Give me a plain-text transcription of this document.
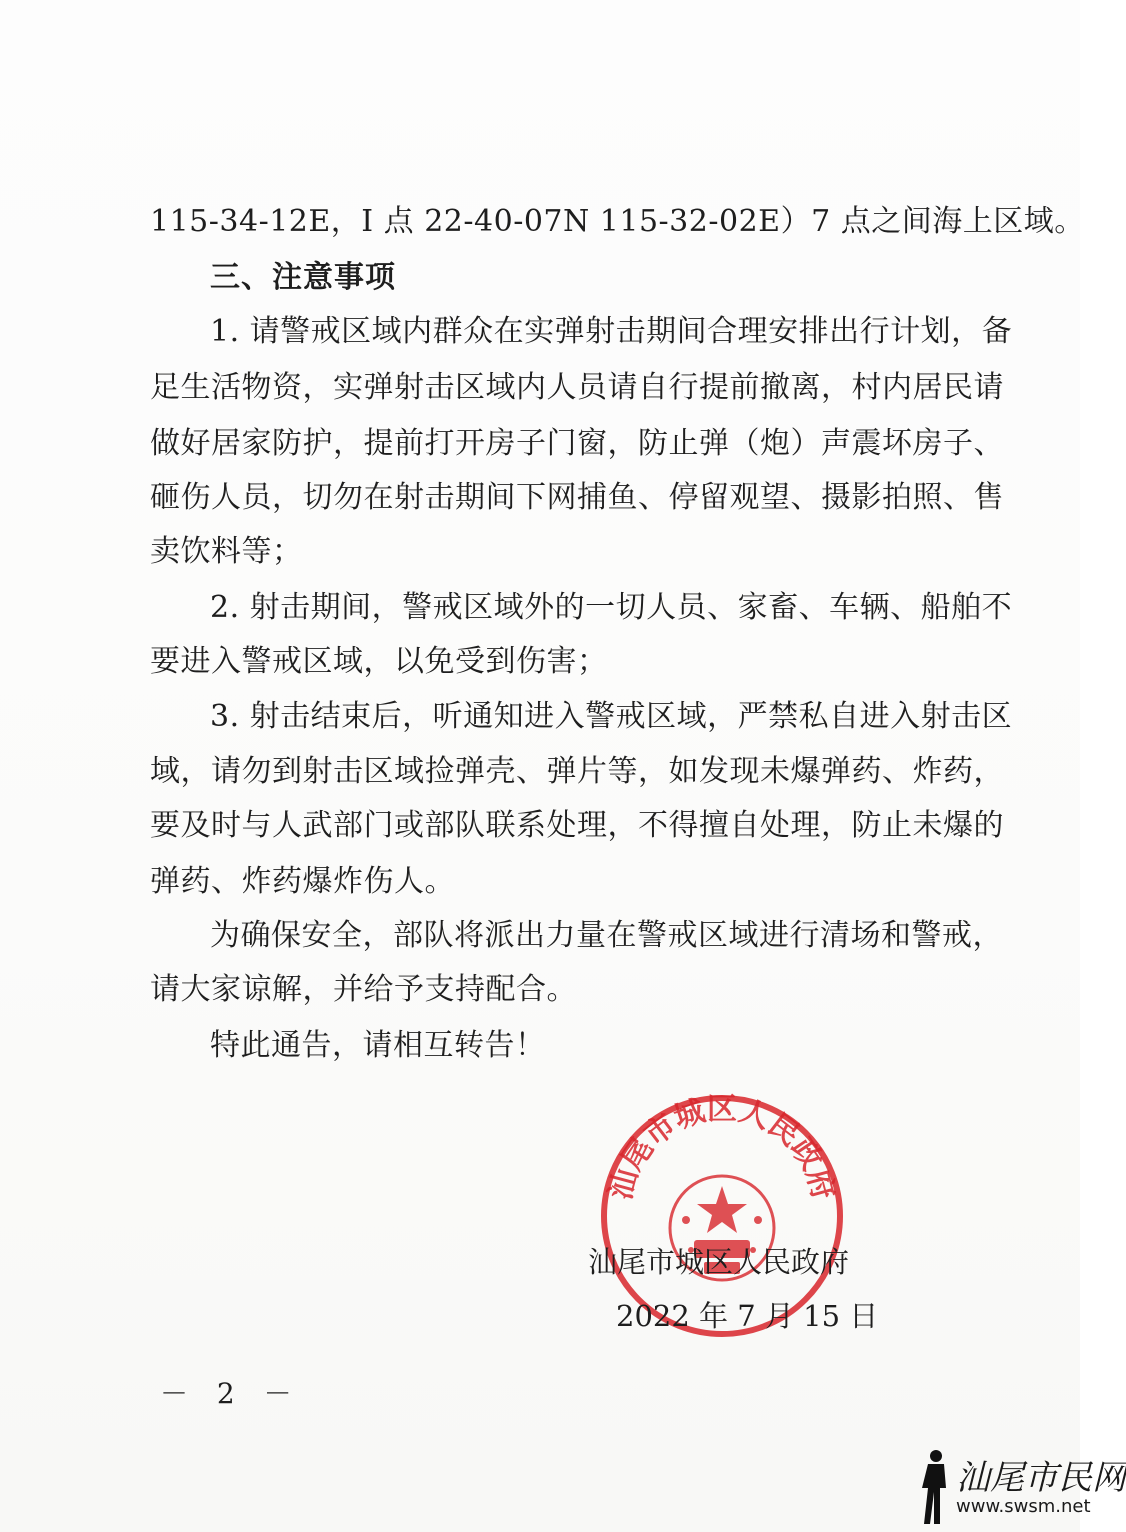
115-34-12E，I 点 22-40-07N 115-32-02E）7 点之间海上区域。
三、注意事项
1. 请警戒区域内群众在实弹射击期间合理安排出行计划，备
足生活物资，实弹射击区域内人员请自行提前撤离，村内居民请
做好居家防护，提前打开房子门窗，防止弹（炮）声震坏房子、
砸伤人员，切勿在射击期间下网捕鱼、停留观望、摄影拍照、售
卖饮料等；
2. 射击期间，警戒区域外的一切人员、家畜、车辆、船舶不
要进入警戒区域，以免受到伤害；
3. 射击结束后，听通知进入警戒区域，严禁私自进入射击区
域，请勿到射击区域捡弹壳、弹片等，如发现未爆弹药、炸药，
要及时与人武部门或部队联系处理，不得擅自处理，防止未爆的
弹药、炸药爆炸伤人。
为确保安全，部队将派出力量在警戒区域进行清场和警戒，
请大家谅解，并给予支持配合。
特此通告，请相互转告！
汕尾市城区人民政府
汕尾市城区人民政府
2022 年 7 月 15 日
－ 2 －
汕尾市民网
www.swsm.net
